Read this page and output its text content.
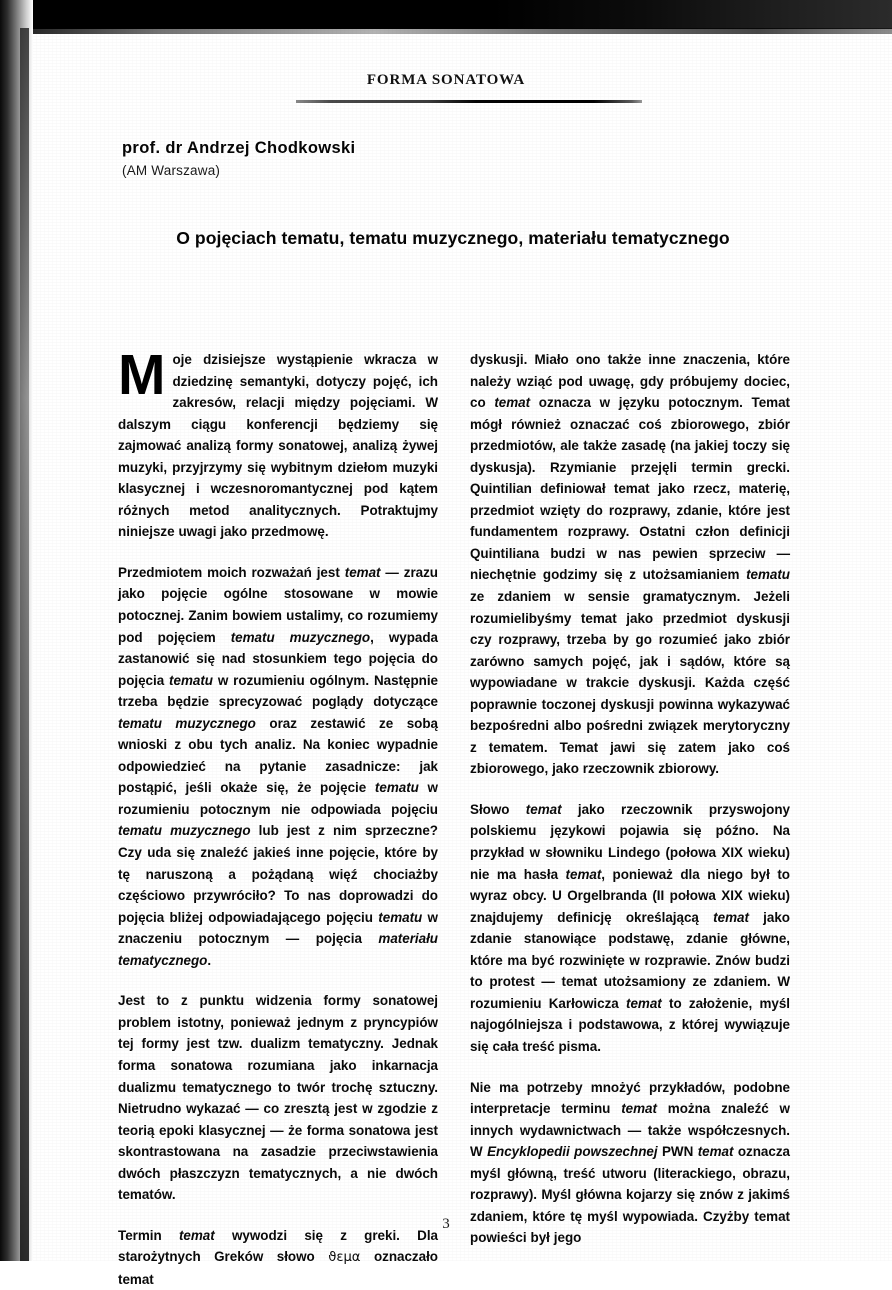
FORMA SONATOWA
prof. dr Andrzej Chodkowski
(AM Warszawa)
O pojęciach tematu, tematu muzycznego, materiału tematycznego

Moje dzisiejsze wystąpienie wkracza w dziedzinę semantyki, dotyczy pojęć, ich zakresów, relacji między pojęciami. W dalszym ciągu konferencji będziemy się zajmować analizą formy sonatowej, analizą żywej muzyki, przyjrzymy się wybitnym dziełom muzyki klasycznej i wczesnoromantycznej pod kątem różnych metod analitycznych. Potraktujmy niniejsze uwagi jako przedmowę.

Przedmiotem moich rozważań jest temat — zrazu jako pojęcie ogólne stosowane w mowie potocznej. Zanim bowiem ustalimy, co rozumiemy pod pojęciem tematu muzycznego, wypada zastanowić się nad stosunkiem tego pojęcia do pojęcia tematu w rozumieniu ogólnym. Następnie trzeba będzie sprecyzować poglądy dotyczące tematu muzycznego oraz zestawić ze sobą wnioski z obu tych analiz. Na koniec wypadnie odpowiedzieć na pytanie zasadnicze: jak postąpić, jeśli okaże się, że pojęcie tematu w rozumieniu potocznym nie odpowiada pojęciu tematu muzycznego lub jest z nim sprzeczne? Czy uda się znaleźć jakieś inne pojęcie, które by tę naruszoną a pożądaną więź chociażby częściowo przywróciło? To nas doprowadzi do pojęcia bliżej odpowiadającego pojęciu tematu w znaczeniu potocznym — pojęcia materiału tematycznego.

Jest to z punktu widzenia formy sonatowej problem istotny, ponieważ jednym z pryncypiów tej formy jest tzw. dualizm tematyczny. Jednak forma sonatowa rozumiana jako inkarnacja dualizmu tematycznego to twór trochę sztuczny. Nietrudno wykazać — co zresztą jest w zgodzie z teorią epoki klasycznej — że forma sonatowa jest skontrastowana na zasadzie przeciwstawienia dwóch płaszczyzn tematycznych, a nie dwóch tematów.

Termin temat wywodzi się z greki. Dla starożytnych Greków słowo ϑεμα oznaczało temat

dyskusji. Miało ono także inne znaczenia, które należy wziąć pod uwagę, gdy próbujemy dociec, co temat oznacza w języku potocznym. Temat mógł również oznaczać coś zbiorowego, zbiór przedmiotów, ale także zasadę (na jakiej toczy się dyskusja). Rzymianie przejęli termin grecki. Quintilian definiował temat jako rzecz, materię, przedmiot wzięty do rozprawy, zdanie, które jest fundamentem rozprawy. Ostatni człon definicji Quintiliana budzi w nas pewien sprzeciw — niechętnie godzimy się z utożsamianiem tematu ze zdaniem w sensie gramatycznym. Jeżeli rozumielibyśmy temat jako przedmiot dyskusji czy rozprawy, trzeba by go rozumieć jako zbiór zarówno samych pojęć, jak i sądów, które są wypowiadane w trakcie dyskusji. Każda część poprawnie toczonej dyskusji powinna wykazywać bezpośredni albo pośredni związek merytoryczny z tematem. Temat jawi się zatem jako coś zbiorowego, jako rzeczownik zbiorowy.

Słowo temat jako rzeczownik przyswojony polskiemu językowi pojawia się późno. Na przykład w słowniku Lindego (połowa XIX wieku) nie ma hasła temat, ponieważ dla niego był to wyraz obcy. U Orgelbranda (II połowa XIX wieku) znajdujemy definicję określającą temat jako zdanie stanowiące podstawę, zdanie główne, które ma być rozwinięte w rozprawie. Znów budzi to protest — temat utożsamiony ze zdaniem. W rozumieniu Karłowicza temat to założenie, myśl najogólniejsza i podstawowa, z której wywiązuje się cała treść pisma.

Nie ma potrzeby mnożyć przykładów, podobne interpretacje terminu temat można znaleźć w innych wydawnictwach — także współczesnych. W Encyklopedii powszechnej PWN temat oznacza myśl główną, treść utworu (literackiego, obrazu, rozprawy). Myśl główna kojarzy się znów z jakimś zdaniem, które tę myśl wypowiada. Czyżby temat powieści był jego

3
